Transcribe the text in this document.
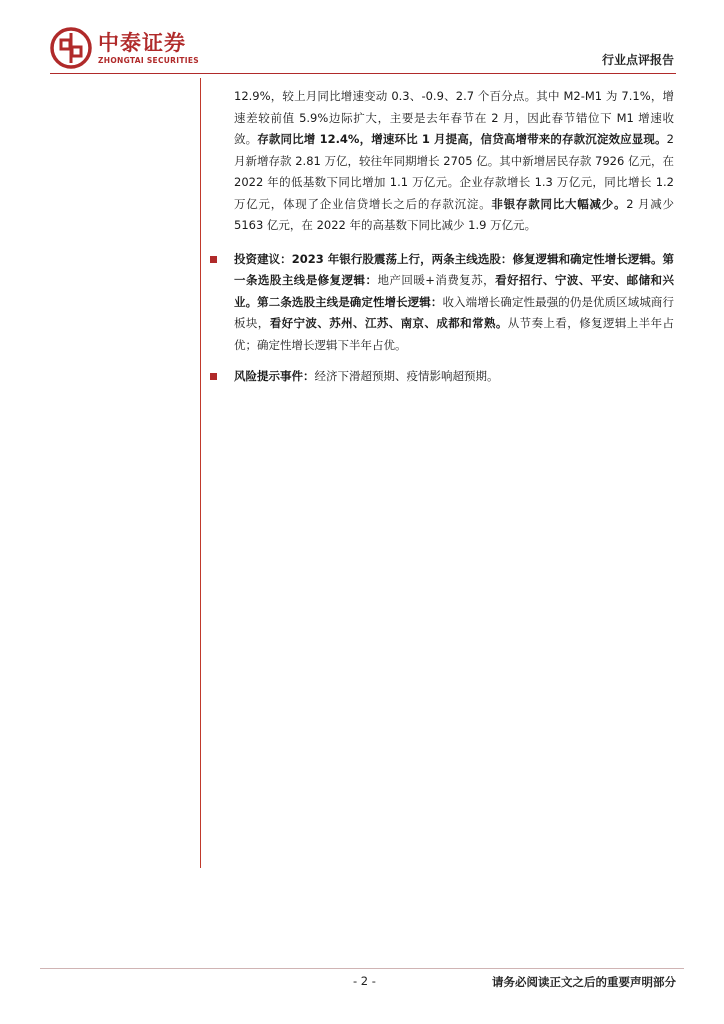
中泰证券
ZHONGTAI SECURITIES	行业点评报告

12.9%，较上月同比增速变动 0.3、-0.9、2.7 个百分点。其中 M2-M1 为 7.1%，增速差较前值 5.9%边际扩大，主要是去年春节在 2 月，因此春节错位下 M1 增速收敛。存款同比增 12.4%，增速环比 1 月提高，信贷高增带来的存款沉淀效应显现。2 月新增存款 2.81 万亿，较往年同期增长 2705 亿。其中新增居民存款 7926 亿元，在 2022 年的低基数下同比增加 1.1 万亿元。企业存款增长 1.3 万亿元，同比增长 1.2 万亿元，体现了企业信贷增长之后的存款沉淀。非银存款同比大幅减少。2 月减少 5163 亿元，在 2022 年的高基数下同比减少 1.9 万亿元。

投资建议：2023 年银行股震荡上行，两条主线选股：修复逻辑和确定性增长逻辑。第一条选股主线是修复逻辑：地产回暖+消费复苏，看好招行、宁波、平安、邮储和兴业。第二条选股主线是确定性增长逻辑：收入端增长确定性最强的仍是优质区域城商行板块，看好宁波、苏州、江苏、南京、成都和常熟。从节奏上看，修复逻辑上半年占优；确定性增长逻辑下半年占优。

风险提示事件：经济下滑超预期、疫情影响超预期。

- 2 -	请务必阅读正文之后的重要声明部分
